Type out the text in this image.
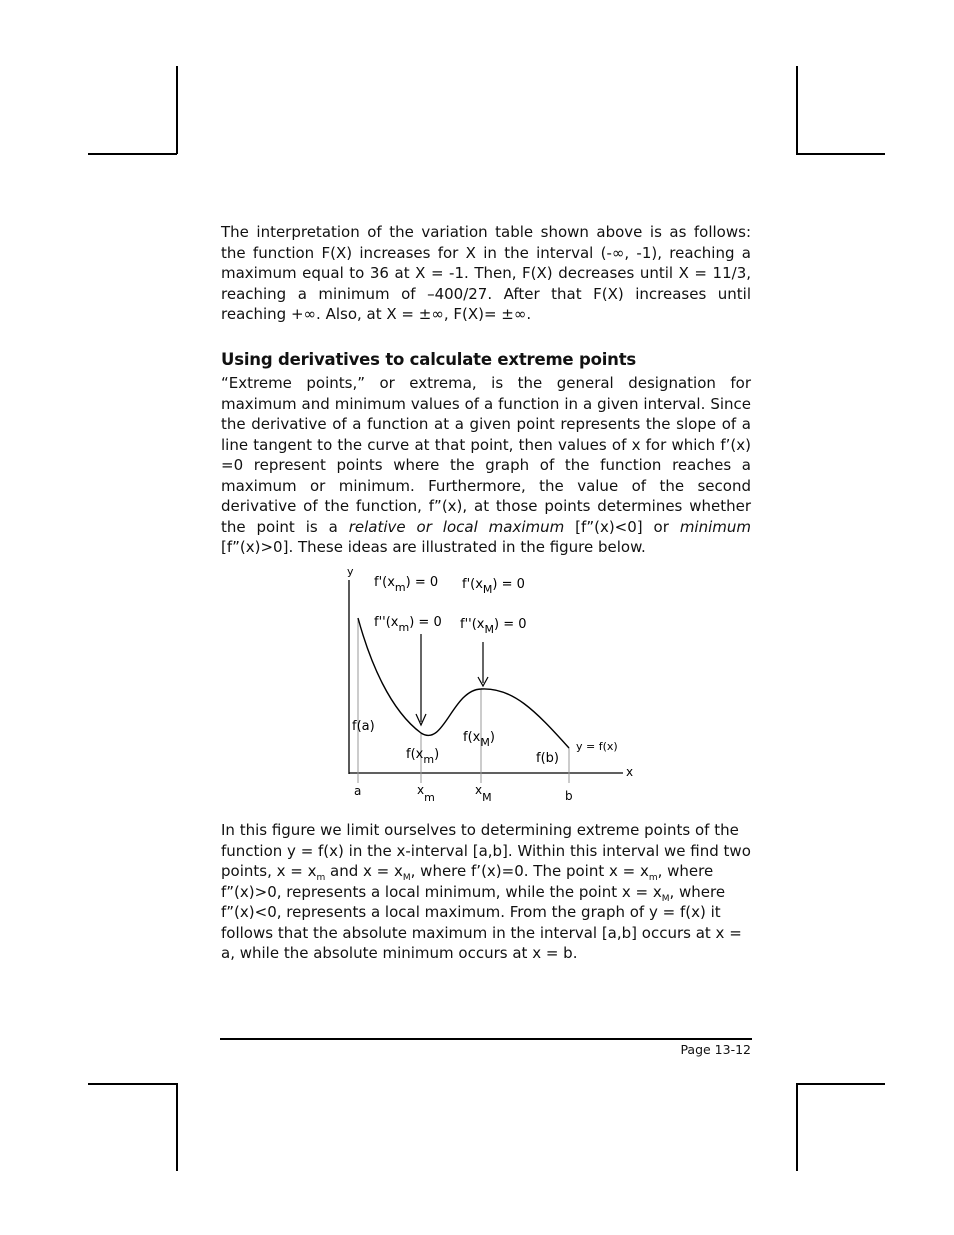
The interpretation of the variation table shown above is as follows: the function F(X) increases for X in the interval (-∞, -1), reaching a maximum equal to 36 at X = -1. Then, F(X) decreases until X = 11/3, reaching a minimum of –400/27. After that F(X) increases until reaching +∞. Also, at X = ±∞, F(X)= ±∞.

Using derivatives to calculate extreme points

“Extreme points,” or extrema, is the general designation for maximum and minimum values of a function in a given interval. Since the derivative of a function at a given point represents the slope of a line tangent to the curve at that point, then values of x for which f’(x) =0 represent points where the graph of the function reaches a maximum or minimum. Furthermore, the value of the second derivative of the function, f”(x), at those points determines whether the point is a relative or local maximum [f”(x)<0] or minimum [f”(x)>0]. These ideas are illustrated in the figure below.

y
x
$f'(x_m) = 0$ $f'(x_M) = 0$
$f''(x_m) = 0$ $f''(x_M) = 0$
f(a)
$f(x_m)$
$f(x_M)$
f(b)
y = f(x)
a	xm
xM	b

In this figure we limit ourselves to determining extreme points of the function y = f(x) in the x-interval [a,b]. Within this interval we find two points, $x = x_m$ and $x = x_M$, where f’(x)=0. The point $x = x_m$, where f”(x)>0, represents a local minimum, while the point $x = x_M$, where f”(x)<0, represents a local maximum. From the graph of y = f(x) it follows that the absolute maximum in the interval [a,b] occurs at x = a, while the absolute minimum occurs at x = b.

Page 13-12
